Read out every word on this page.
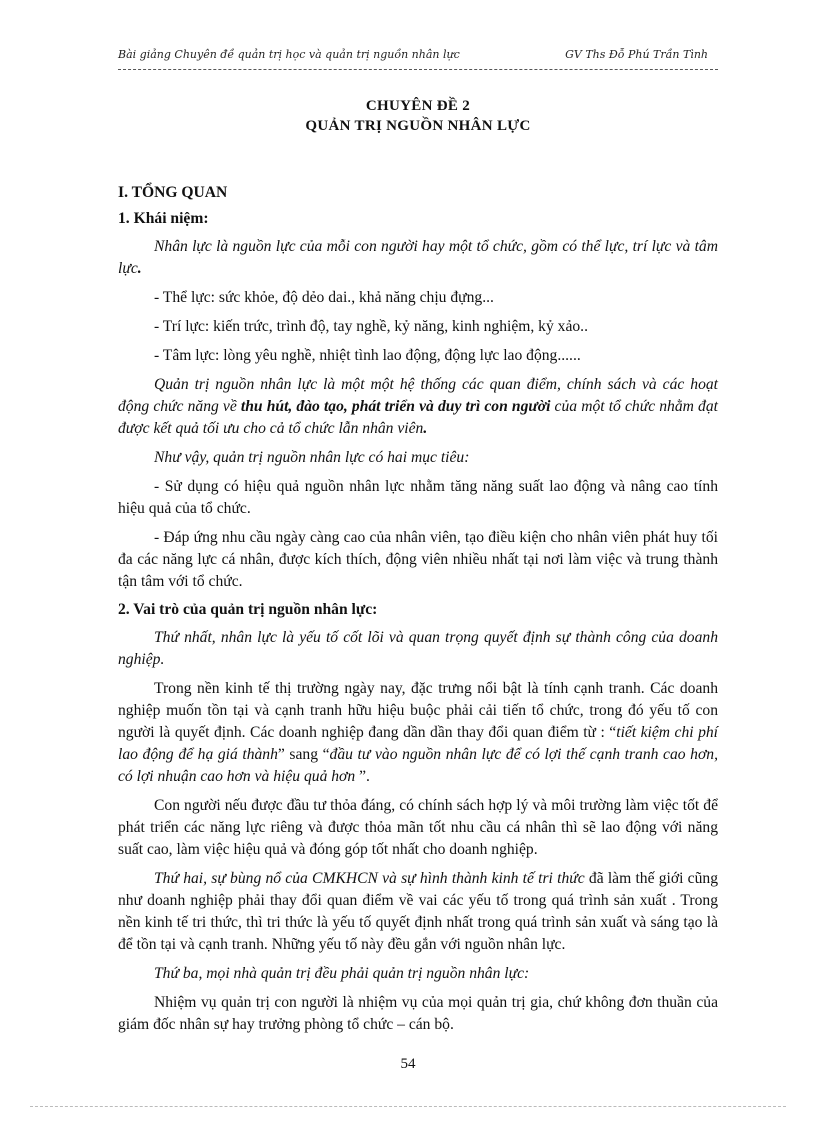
Bài giảng Chuyên đề quản trị học và quản trị nguồn nhân lực	GV Ths Đỗ Phú Trần Tình
CHUYÊN ĐỀ 2
QUẢN TRỊ NGUỒN NHÂN LỰC
I. TỔNG QUAN
1. Khái niệm:

Nhân lực là nguồn lực của mỗi con người hay một tổ chức, gồm có thể lực, trí lực và tâm lực.

- Thể lực: sức khỏe, độ dẻo dai., khả năng chịu đựng...

- Trí lực: kiến trức, trình độ, tay nghề, kỷ năng, kinh nghiệm, kỷ xảo..

- Tâm lực: lòng yêu nghề, nhiệt tình lao động, động lực lao động......

Quản trị nguồn nhân lực là một một hệ thống các quan điểm, chính sách và các hoạt động chức năng về thu hút, đào tạo, phát triển và duy trì con người của một tổ chức nhằm đạt được kết quả tối ưu cho cả tổ chức lẫn nhân viên.

Như vậy, quản trị nguồn nhân lực có hai mục tiêu:

- Sử dụng có hiệu quả nguồn nhân lực nhằm tăng năng suất lao động và nâng cao tính hiệu quả của tổ chức.

- Đáp ứng nhu cầu ngày càng cao của nhân viên, tạo điều kiện cho nhân viên phát huy tối đa các năng lực cá nhân, được kích thích, động viên nhiều nhất tại nơi làm việc và trung thành tận tâm với tổ chức.

2. Vai trò của quản trị nguồn nhân lực:

Thứ nhất, nhân lực là yếu tố cốt lõi và quan trọng quyết định sự thành công của doanh nghiệp.

Trong nền kinh tế thị trường ngày nay, đặc trưng nổi bật là tính cạnh tranh. Các doanh nghiệp muốn tồn tại và cạnh tranh hữu hiệu buộc phải cải tiến tổ chức, trong đó yếu tố con người là quyết định. Các doanh nghiệp đang dần dần thay đổi quan điểm từ : “tiết kiệm chi phí lao động để hạ giá thành” sang “đầu tư vào nguồn nhân lực để có lợi thế cạnh tranh cao hơn, có lợi nhuận cao hơn và hiệu quả hơn ”.

Con người nếu được đầu tư thỏa đáng, có chính sách hợp lý và môi trường làm việc tốt để phát triển các năng lực riêng và được thỏa mãn tốt nhu cầu cá nhân thì sẽ lao động với năng suất cao, làm việc hiệu quả và đóng góp tốt nhất cho doanh nghiệp.

Thứ hai, sự bùng nổ của CMKHCN và sự hình thành kinh tế tri thức đã làm thế giới cũng như doanh nghiệp phải thay đổi quan điểm về vai các yếu tố trong quá trình sản xuất . Trong nền kinh tế tri thức, thì tri thức là yếu tố quyết định nhất trong quá trình sản xuất và sáng tạo là để tồn tại và cạnh tranh. Những yếu tố này đều gắn với nguồn nhân lực.

Thứ ba, mọi nhà quản trị đều phải quản trị nguồn nhân lực:

Nhiệm vụ quản trị con người là nhiệm vụ của mọi quản trị gia, chứ không đơn thuần của giám đốc nhân sự hay trưởng phòng tổ chức – cán bộ.

54
